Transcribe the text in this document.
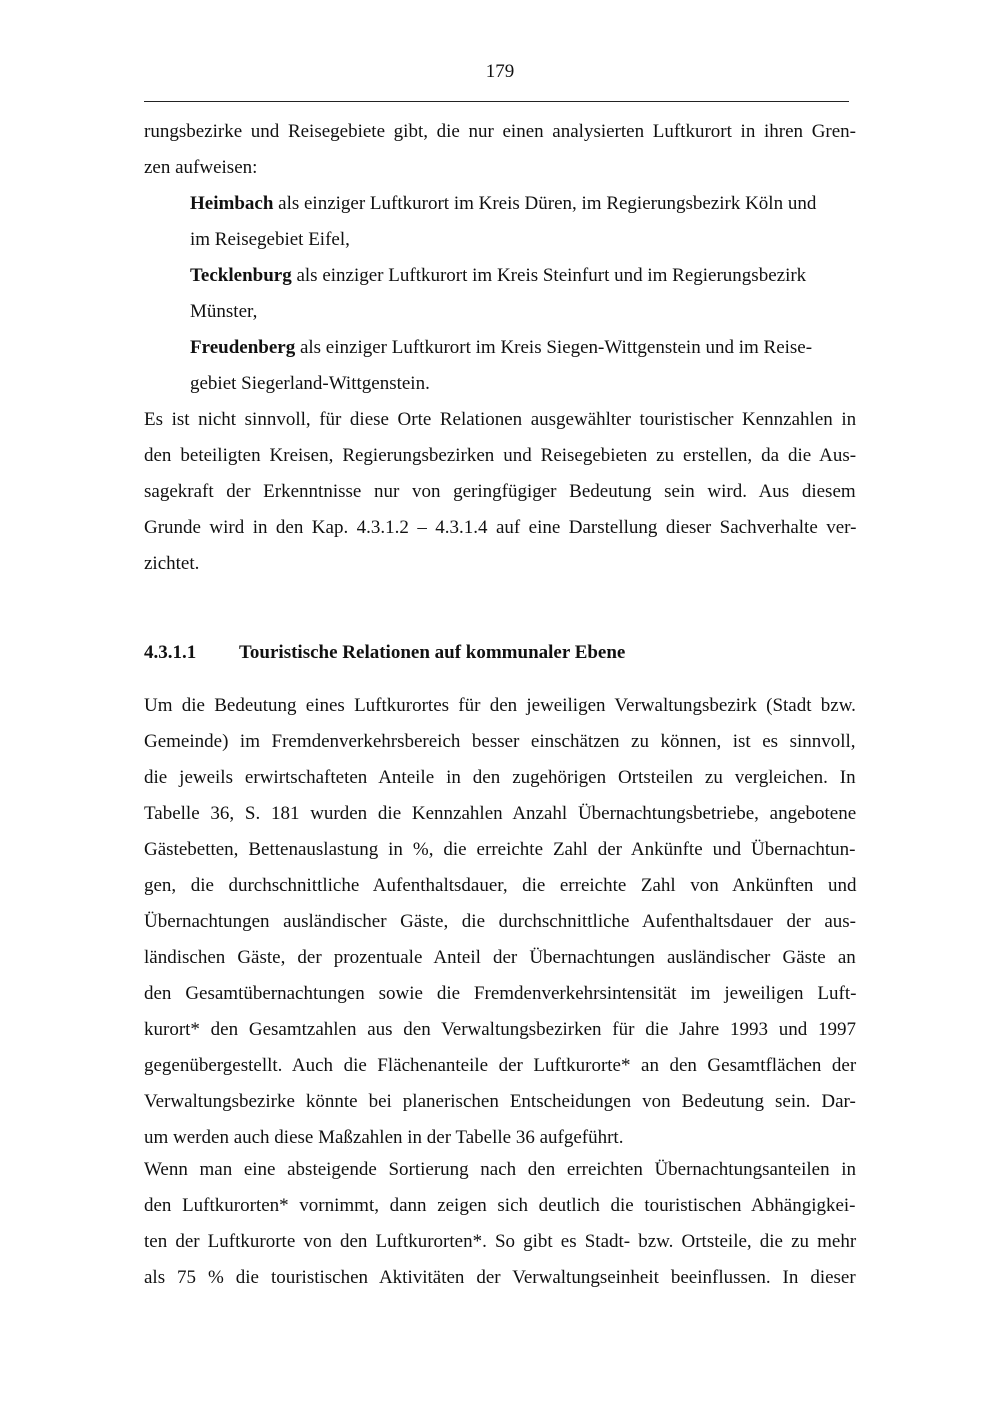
179
rungsbezirke und Reisegebiete gibt, die nur einen analysierten Luftkurort in ihren Gren-
zen aufweisen:
Heimbach als einziger Luftkurort im Kreis Düren, im Regierungsbezirk Köln und
im Reisegebiet Eifel,
Tecklenburg als einziger Luftkurort im Kreis Steinfurt und im Regierungsbezirk
Münster,
Freudenberg als einziger Luftkurort im Kreis Siegen-Wittgenstein und im Reise-
gebiet Siegerland-Wittgenstein.
Es ist nicht sinnvoll, für diese Orte Relationen ausgewählter touristischer Kennzahlen in
den beteiligten Kreisen, Regierungsbezirken und Reisegebieten zu erstellen, da die Aus-
sagekraft der Erkenntnisse nur von geringfügiger Bedeutung sein wird. Aus diesem
Grunde wird in den Kap. 4.3.1.2 – 4.3.1.4 auf eine Darstellung dieser Sachverhalte ver-
zichtet.
4.3.1.1 Touristische Relationen auf kommunaler Ebene
Um die Bedeutung eines Luftkurortes für den jeweiligen Verwaltungsbezirk (Stadt bzw.
Gemeinde) im Fremdenverkehrsbereich besser einschätzen zu können, ist es sinnvoll,
die jeweils erwirtschafteten Anteile in den zugehörigen Ortsteilen zu vergleichen. In
Tabelle 36, S. 181 wurden die Kennzahlen Anzahl Übernachtungsbetriebe, angebotene
Gästebetten, Bettenauslastung in %, die erreichte Zahl der Ankünfte und Übernachtun-
gen, die durchschnittliche Aufenthaltsdauer, die erreichte Zahl von Ankünften und
Übernachtungen ausländischer Gäste, die durchschnittliche Aufenthaltsdauer der aus-
ländischen Gäste, der prozentuale Anteil der Übernachtungen ausländischer Gäste an
den Gesamtübernachtungen sowie die Fremdenverkehrsintensität im jeweiligen Luft-
kurort* den Gesamtzahlen aus den Verwaltungsbezirken für die Jahre 1993 und 1997
gegenübergestellt. Auch die Flächenanteile der Luftkurorte* an den Gesamtflächen der
Verwaltungsbezirke könnte bei planerischen Entscheidungen von Bedeutung sein. Dar-
um werden auch diese Maßzahlen in der Tabelle 36 aufgeführt.
Wenn man eine absteigende Sortierung nach den erreichten Übernachtungsanteilen in
den Luftkurorten* vornimmt, dann zeigen sich deutlich die touristischen Abhängigkei-
ten der Luftkurorte von den Luftkurorten*. So gibt es Stadt- bzw. Ortsteile, die zu mehr
als 75 % die touristischen Aktivitäten der Verwaltungseinheit beeinflussen. In dieser
